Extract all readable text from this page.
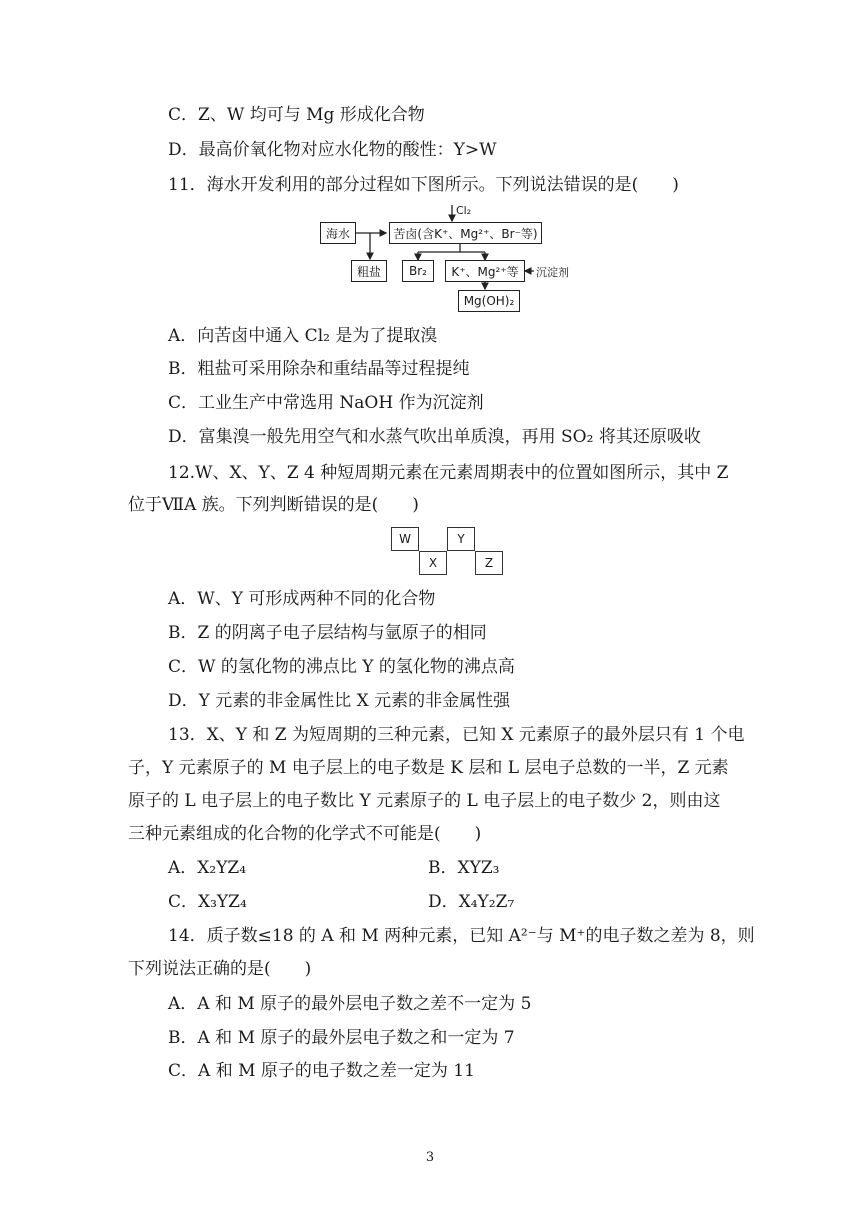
C．Z、W 均可与 Mg 形成化合物
D．最高价氧化物对应水化物的酸性：Y>W
11．海水开发利用的部分过程如下图所示。下列说法错误的是(　　)
Cl₂
海水	苦卤(含K⁺、Mg²⁺、Br⁻等)
粗盐	Br₂	K⁺、Mg²⁺等	沉淀剂
Mg(OH)₂
A．向苦卤中通入 Cl₂ 是为了提取溴
B．粗盐可采用除杂和重结晶等过程提纯
C．工业生产中常选用 NaOH 作为沉淀剂
D．富集溴一般先用空气和水蒸气吹出单质溴，再用 SO₂ 将其还原吸收
12.W、X、Y、Z 4 种短周期元素在元素周期表中的位置如图所示，其中 Z
位于ⅦA 族。下列判断错误的是(　　)
W	Y
X	Z
A．W、Y 可形成两种不同的化合物
B．Z 的阴离子电子层结构与氩原子的相同
C．W 的氢化物的沸点比 Y 的氢化物的沸点高
D．Y 元素的非金属性比 X 元素的非金属性强
13．X、Y 和 Z 为短周期的三种元素，已知 X 元素原子的最外层只有 1 个电
子，Y 元素原子的 M 电子层上的电子数是 K 层和 L 层电子总数的一半，Z 元素
原子的 L 电子层上的电子数比 Y 元素原子的 L 电子层上的电子数少 2，则由这
三种元素组成的化合物的化学式不可能是(　　)
A．X₂YZ₄	B．XYZ₃
C．X₃YZ₄	D．X₄Y₂Z₇
14．质子数≤18 的 A 和 M 两种元素，已知 A²⁻与 M⁺的电子数之差为 8，则
下列说法正确的是(　　)
A．A 和 M 原子的最外层电子数之差不一定为 5
B．A 和 M 原子的最外层电子数之和一定为 7
C．A 和 M 原子的电子数之差一定为 11
3
